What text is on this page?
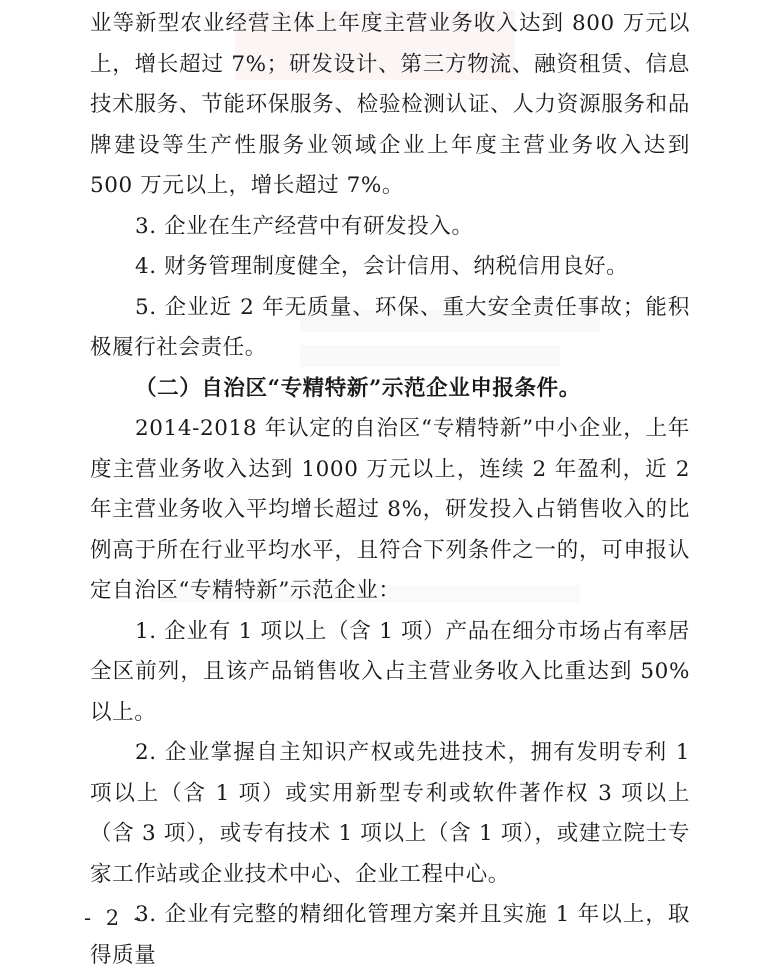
业等新型农业经营主体上年度主营业务收入达到 800 万元以上，增长超过 7%；研发设计、第三方物流、融资租赁、信息技术服务、节能环保服务、检验检测认证、人力资源服务和品牌建设等生产性服务业领域企业上年度主营业务收入达到 500 万元以上，增长超过 7%。

3. 企业在生产经营中有研发投入。

4. 财务管理制度健全，会计信用、纳税信用良好。

5. 企业近 2 年无质量、环保、重大安全责任事故；能积极履行社会责任。

（二）自治区“专精特新”示范企业申报条件。

2014-2018 年认定的自治区“专精特新”中小企业，上年度主营业务收入达到 1000 万元以上，连续 2 年盈利，近 2 年主营业务收入平均增长超过 8%，研发投入占销售收入的比例高于所在行业平均水平，且符合下列条件之一的，可申报认定自治区“专精特新”示范企业：

1. 企业有 1 项以上（含 1 项）产品在细分市场占有率居全区前列，且该产品销售收入占主营业务收入比重达到 50%以上。

2. 企业掌握自主知识产权或先进技术，拥有发明专利 1 项以上（含 1 项）或实用新型专利或软件著作权 3 项以上（含 3 项），或专有技术 1 项以上（含 1 项），或建立院士专家工作站或企业技术中心、企业工程中心。

3. 企业有完整的精细化管理方案并且实施 1 年以上，取得质量

- 2 -
